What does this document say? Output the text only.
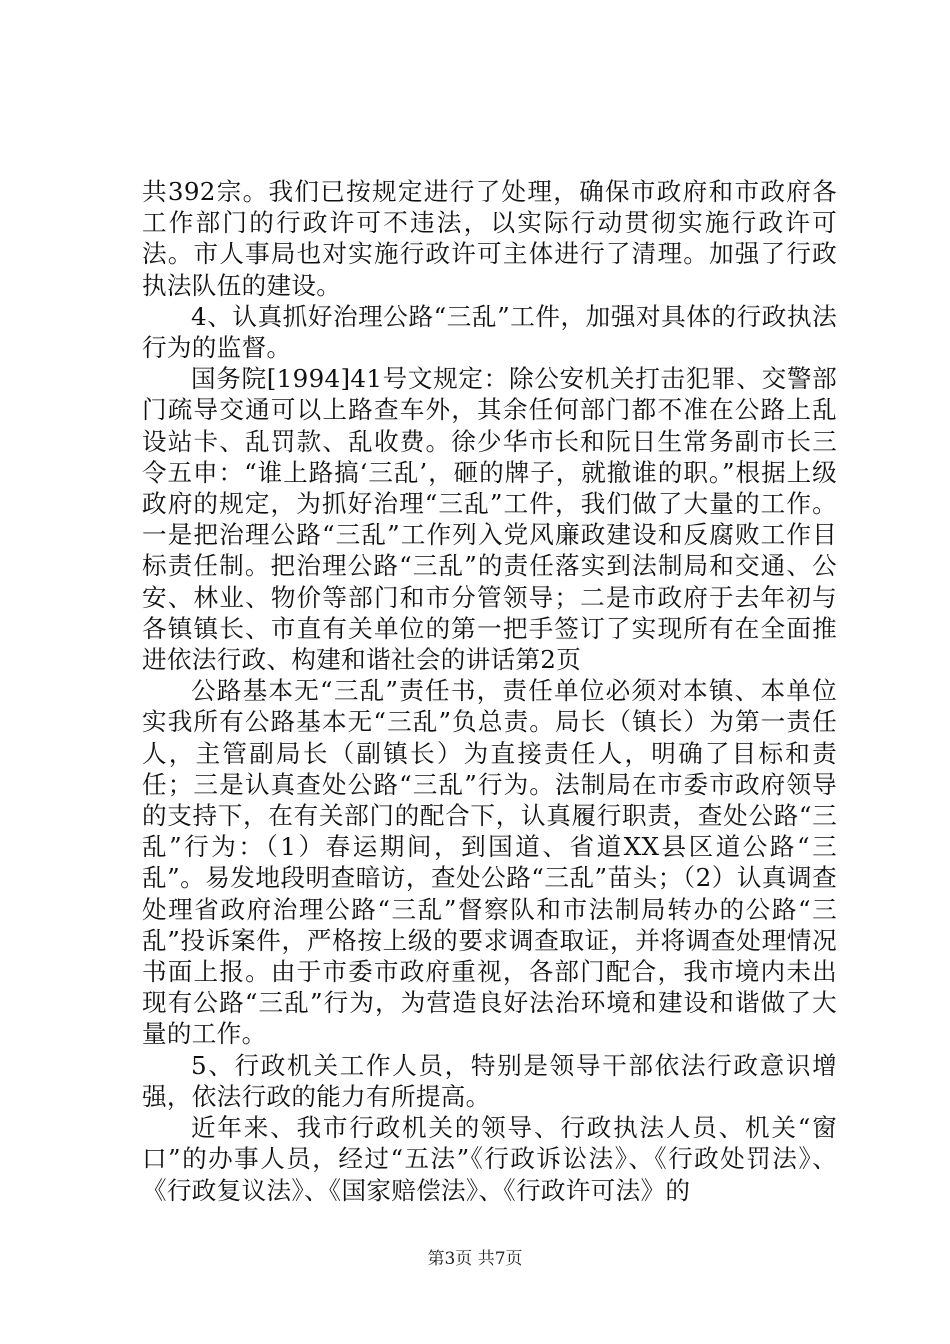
共392宗。我们已按规定进行了处理，确保市政府和市政府各工作部门的行政许可不违法，以实际行动贯彻实施行政许可法。市人事局也对实施行政许可主体进行了清理。加强了行政执法队伍的建设。

4、认真抓好治理公路“三乱”工件，加强对具体的行政执法行为的监督。

国务院[1994]41号文规定：除公安机关打击犯罪、交警部门疏导交通可以上路查车外，其余任何部门都不准在公路上乱设站卡、乱罚款、乱收费。徐少华市长和阮日生常务副市长三令五申：“谁上路搞‘三乱’，砸的牌子，就撤谁的职。”根据上级政府的规定，为抓好治理“三乱”工件，我们做了大量的工作。一是把治理公路“三乱”工作列入党风廉政建设和反腐败工作目标责任制。把治理公路“三乱”的责任落实到法制局和交通、公安、林业、物价等部门和市分管领导；二是市政府于去年初与各镇镇长、市直有关单位的第一把手签订了实现所有在全面推进依法行政、构建和谐社会的讲话第2页

公路基本无“三乱”责任书，责任单位必须对本镇、本单位实我所有公路基本无“三乱”负总责。局长（镇长）为第一责任人，主管副局长（副镇长）为直接责任人，明确了目标和责任；三是认真查处公路“三乱”行为。法制局在市委市政府领导的支持下，在有关部门的配合下，认真履行职责，查处公路“三乱”行为：（1）春运期间，到国道、省道XX县区道公路“三乱”。易发地段明查暗访，查处公路“三乱”苗头；（2）认真调查处理省政府治理公路“三乱”督察队和市法制局转办的公路“三乱”投诉案件，严格按上级的要求调查取证，并将调查处理情况书面上报。由于市委市政府重视，各部门配合，我市境内未出现有公路“三乱”行为，为营造良好法治环境和建设和谐做了大量的工作。

5、行政机关工作人员，特别是领导干部依法行政意识增强，依法行政的能力有所提高。

近年来、我市行政机关的领导、行政执法人员、机关“窗口”的办事人员，经过“五法”《行政诉讼法》、《行政处罚法》、《行政复议法》、《国家赔偿法》、《行政许可法》的

第3页 共7页
